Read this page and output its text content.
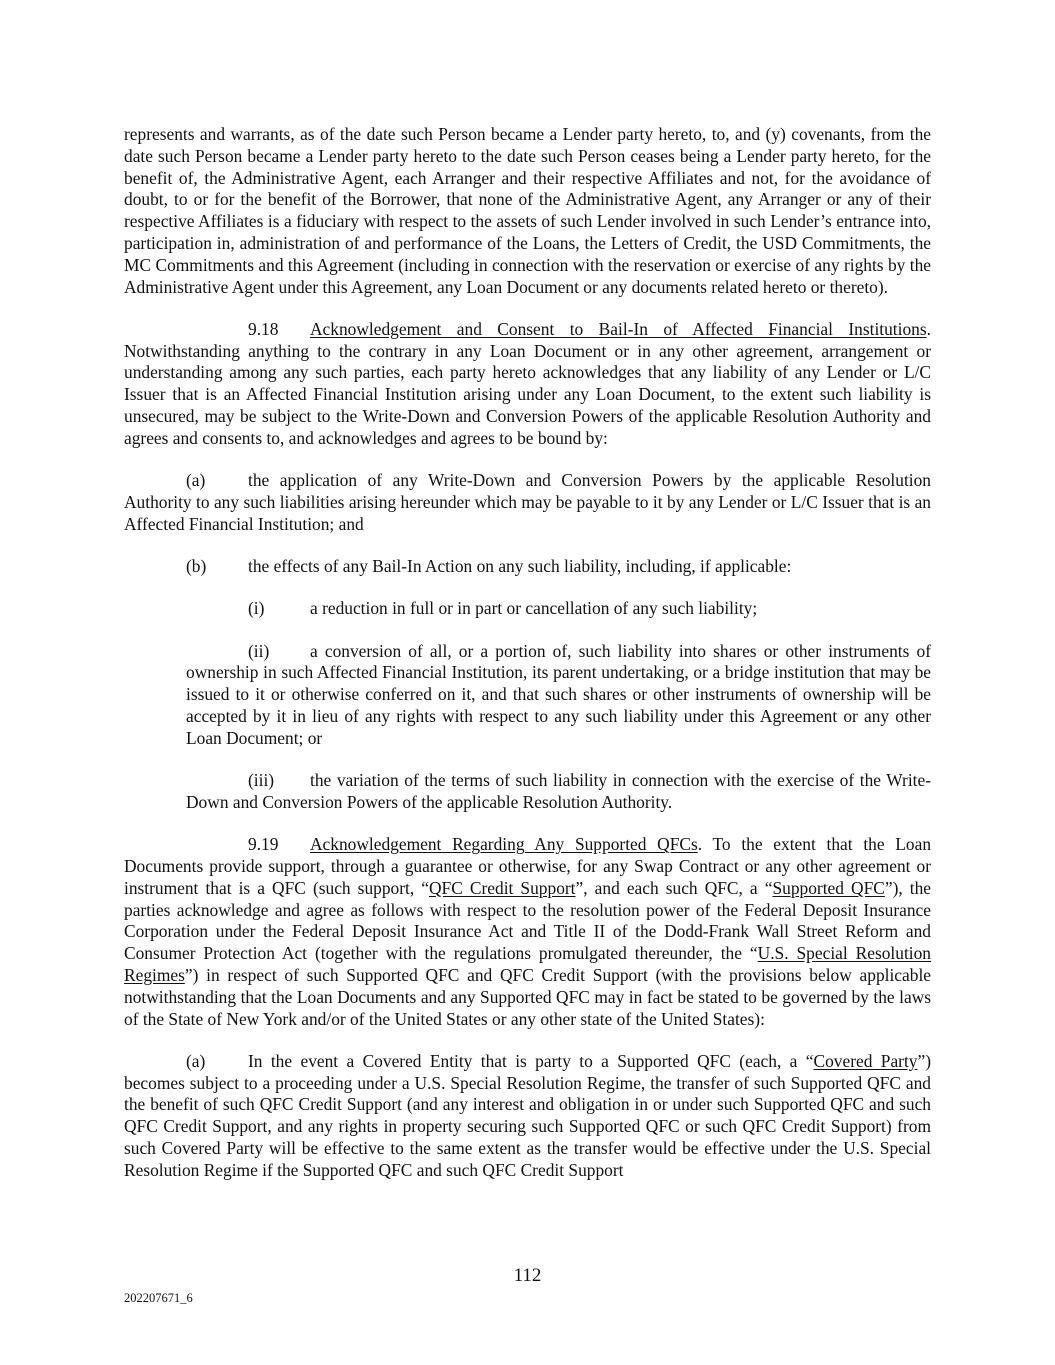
represents and warrants, as of the date such Person became a Lender party hereto, to, and (y) covenants, from the date such Person became a Lender party hereto to the date such Person ceases being a Lender party hereto, for the benefit of, the Administrative Agent, each Arranger and their respective Affiliates and not, for the avoidance of doubt, to or for the benefit of the Borrower, that none of the Administrative Agent, any Arranger or any of their respective Affiliates is a fiduciary with respect to the assets of such Lender involved in such Lender’s entrance into, participation in, administration of and performance of the Loans, the Letters of Credit, the USD Commitments, the MC Commitments and this Agreement (including in connection with the reservation or exercise of any rights by the Administrative Agent under this Agreement, any Loan Document or any documents related hereto or thereto).

9.18 Acknowledgement and Consent to Bail-In of Affected Financial Institutions. Notwithstanding anything to the contrary in any Loan Document or in any other agreement, arrangement or understanding among any such parties, each party hereto acknowledges that any liability of any Lender or L/C Issuer that is an Affected Financial Institution arising under any Loan Document, to the extent such liability is unsecured, may be subject to the Write-Down and Conversion Powers of the applicable Resolution Authority and agrees and consents to, and acknowledges and agrees to be bound by:

(a) the application of any Write-Down and Conversion Powers by the applicable Resolution Authority to any such liabilities arising hereunder which may be payable to it by any Lender or L/C Issuer that is an Affected Financial Institution; and

(b) the effects of any Bail-In Action on any such liability, including, if applicable:

(i)	a reduction in full or in part or cancellation of any such liability;

(ii) a conversion of all, or a portion of, such liability into shares or other instruments of ownership in such Affected Financial Institution, its parent undertaking, or a bridge institution that may be issued to it or otherwise conferred on it, and that such shares or other instruments of ownership will be accepted by it in lieu of any rights with respect to any such liability under this Agreement or any other Loan Document; or

(iii) the variation of the terms of such liability in connection with the exercise of the Write-Down and Conversion Powers of the applicable Resolution Authority.

9.19 Acknowledgement Regarding Any Supported QFCs. To the extent that the Loan Documents provide support, through a guarantee or otherwise, for any Swap Contract or any other agreement or instrument that is a QFC (such support, “QFC Credit Support”, and each such QFC, a “Supported QFC”), the parties acknowledge and agree as follows with respect to the resolution power of the Federal Deposit Insurance Corporation under the Federal Deposit Insurance Act and Title II of the Dodd-Frank Wall Street Reform and Consumer Protection Act (together with the regulations promulgated thereunder, the “U.S. Special Resolution Regimes”) in respect of such Supported QFC and QFC Credit Support (with the provisions below applicable notwithstanding that the Loan Documents and any Supported QFC may in fact be stated to be governed by the laws of the State of New York and/or of the United States or any other state of the United States):

(a) In the event a Covered Entity that is party to a Supported QFC (each, a “Covered Party”) becomes subject to a proceeding under a U.S. Special Resolution Regime, the transfer of such Supported QFC and the benefit of such QFC Credit Support (and any interest and obligation in or under such Supported QFC and such QFC Credit Support, and any rights in property securing such Supported QFC or such QFC Credit Support) from such Covered Party will be effective to the same extent as the transfer would be effective under the U.S. Special Resolution Regime if the Supported QFC and such QFC Credit Support

112
202207671_6
